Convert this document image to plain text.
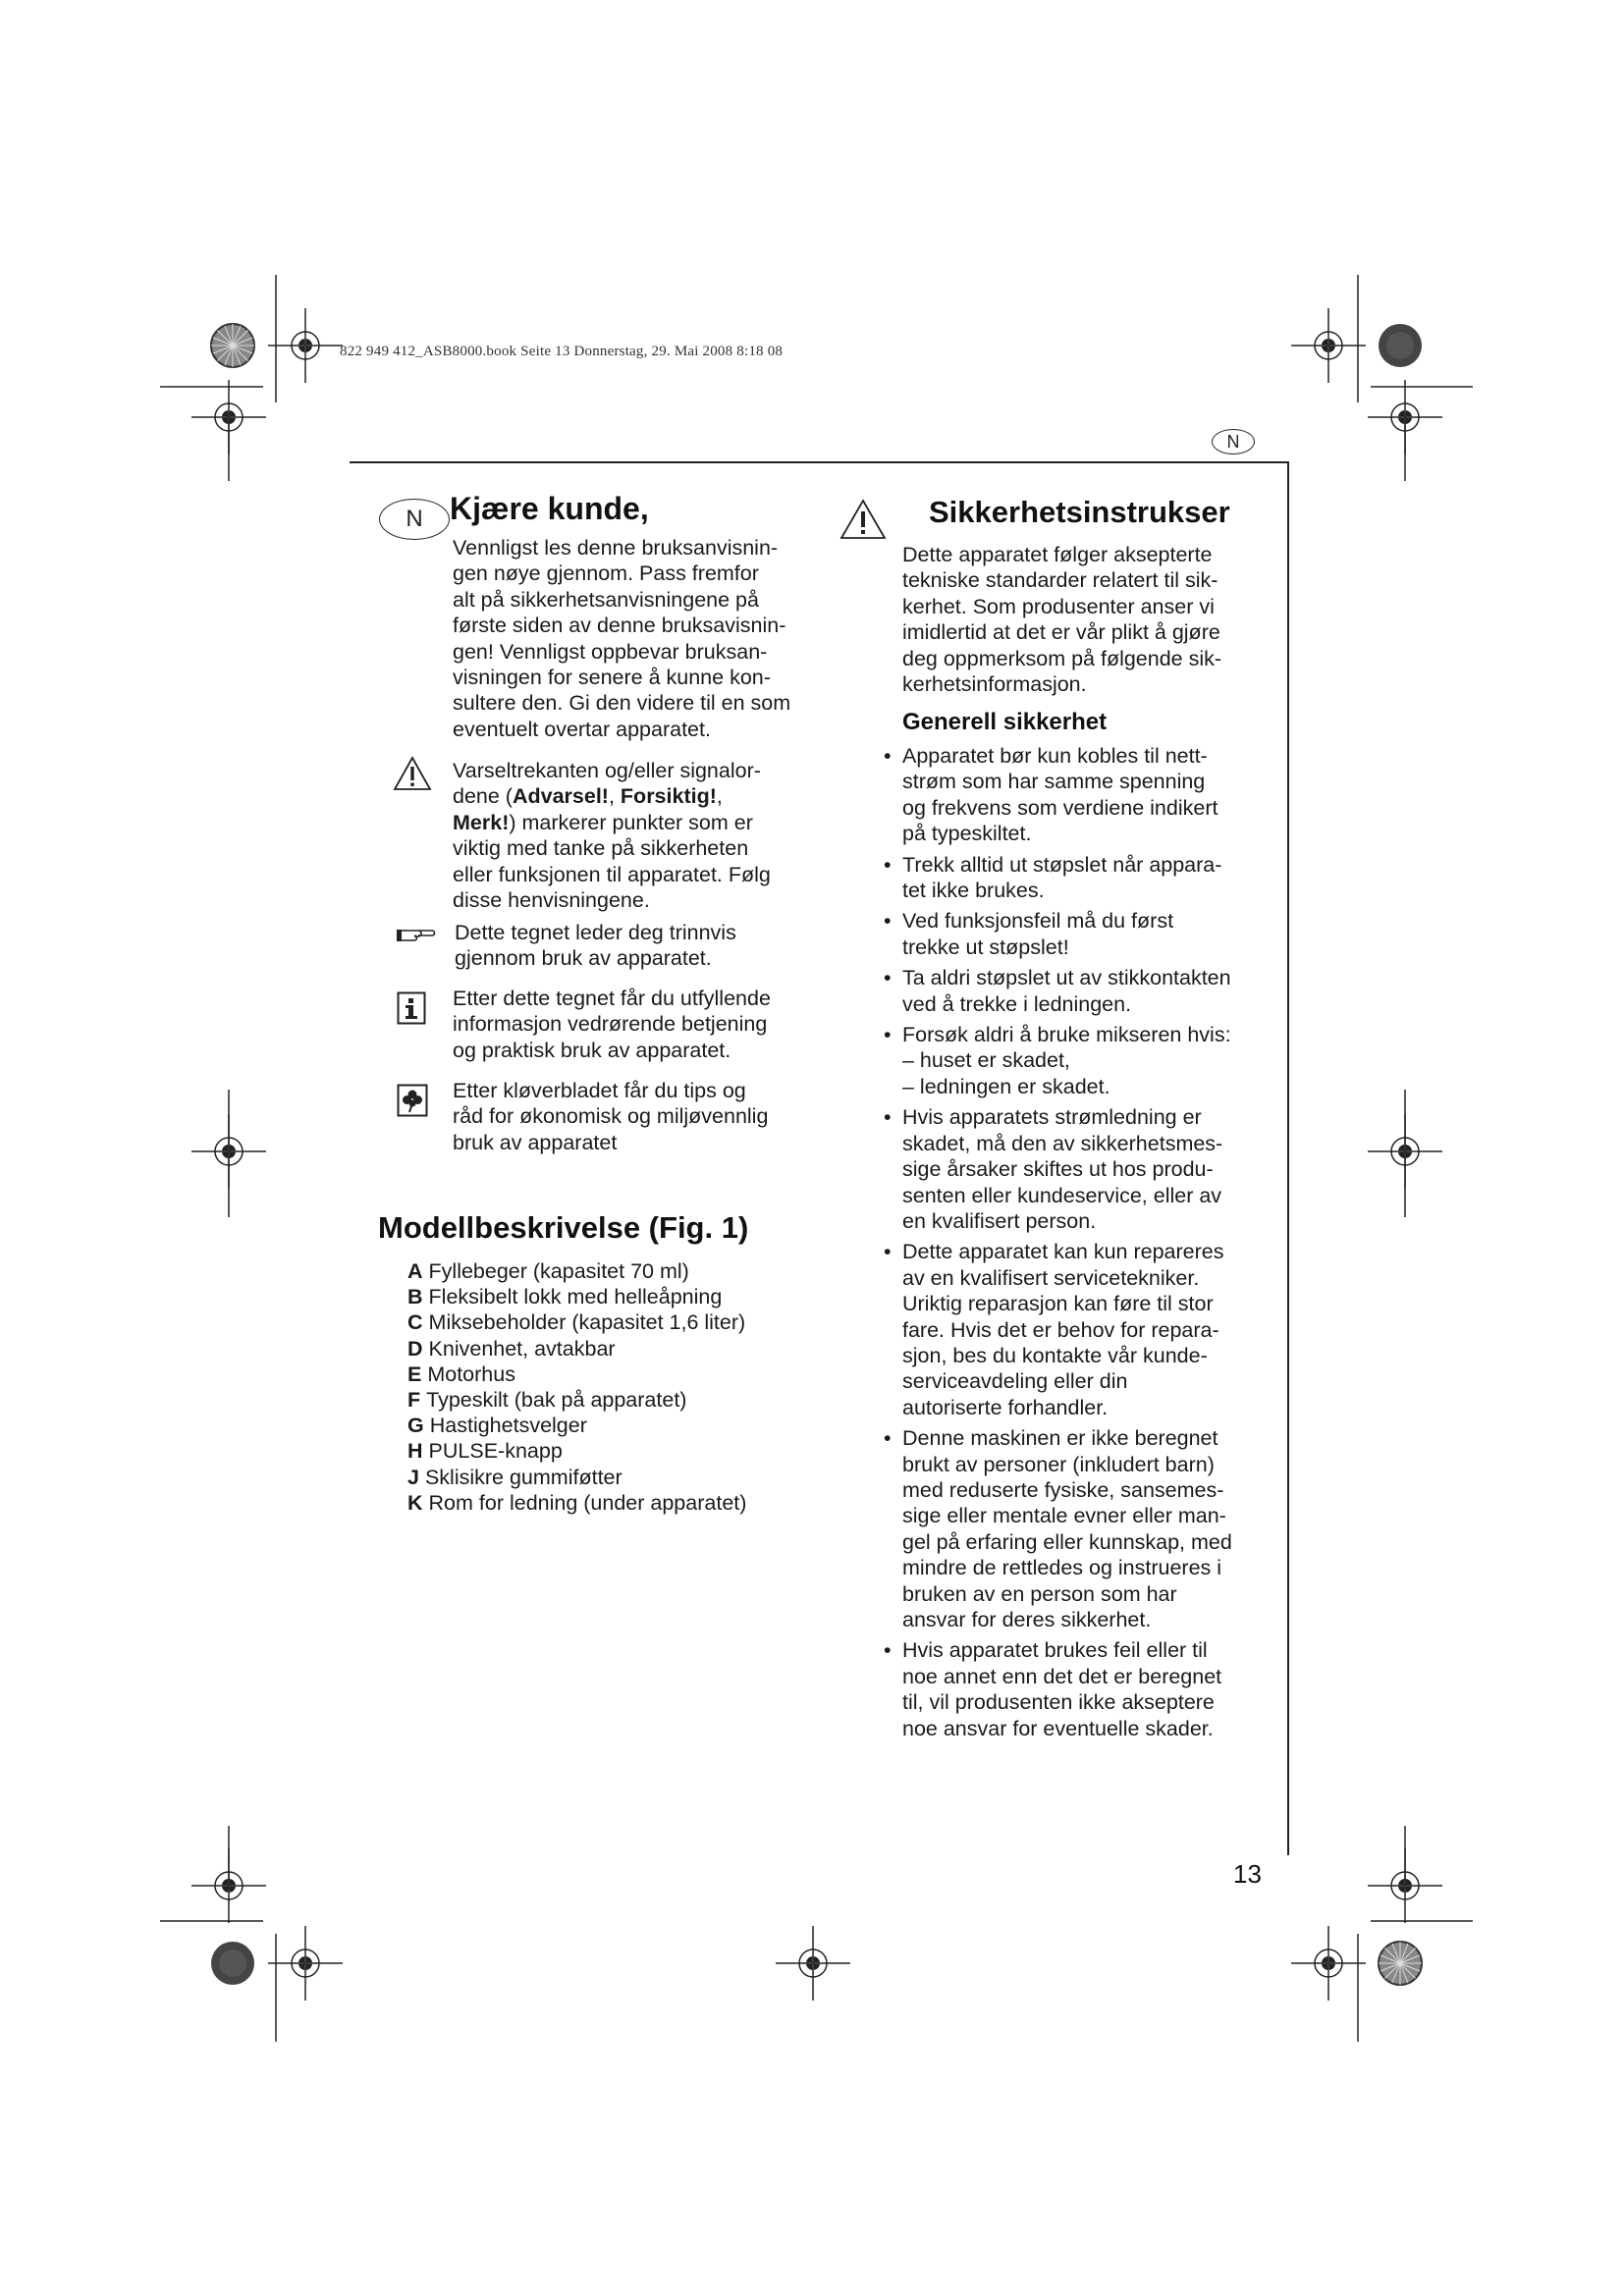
822 949 412_ASB8000.book Seite 13 Donnerstag, 29. Mai 2008 8:18 08
N
N Kjære kunde,
Vennligst les denne bruksanvisnin-
gen nøye gjennom. Pass fremfor
alt på sikkerhetsanvisningene på
første siden av denne bruksavisnin-
gen! Vennligst oppbevar bruksan-
visningen for senere å kunne kon-
sultere den. Gi den videre til en som
eventuelt overtar apparatet.
Varseltrekanten og/eller signalor-
dene (Advarsel!, Forsiktig!,
Merk!) markerer punkter som er
viktig med tanke på sikkerheten
eller funksjonen til apparatet. Følg
disse henvisningene.
Dette tegnet leder deg trinnvis
gjennom bruk av apparatet.
Etter dette tegnet får du utfyllende
informasjon vedrørende betjening
og praktisk bruk av apparatet.
Etter kløverbladet får du tips og
råd for økonomisk og miljøvennlig
bruk av apparatet
Modellbeskrivelse (Fig. 1)
A Fyllebeger (kapasitet 70 ml)
B Fleksibelt lokk med helleåpning
C Miksebeholder (kapasitet 1,6 liter)
D Knivenhet, avtakbar
E Motorhus
F Typeskilt (bak på apparatet)
G Hastighetsvelger
H PULSE-knapp
J Sklisikre gummiføtter
K Rom for ledning (under apparatet)
Sikkerhetsinstrukser
Dette apparatet følger aksepterte
tekniske standarder relatert til sik-
kerhet. Som produsenter anser vi
imidlertid at det er vår plikt å gjøre
deg oppmerksom på følgende sik-
kerhetsinformasjon.
Generell sikkerhet
• Apparatet bør kun kobles til nett-
strøm som har samme spenning
og frekvens som verdiene indikert
på typeskiltet.
• Trekk alltid ut støpslet når appara-
tet ikke brukes.
• Ved funksjonsfeil må du først
trekke ut støpslet!
• Ta aldri støpslet ut av stikkontakten
ved å trekke i ledningen.
• Forsøk aldri å bruke mikseren hvis:
– huset er skadet,
– ledningen er skadet.
• Hvis apparatets strømledning er
skadet, må den av sikkerhetsmes-
sige årsaker skiftes ut hos produ-
senten eller kundeservice, eller av
en kvalifisert person.
• Dette apparatet kan kun repareres
av en kvalifisert servicetekniker.
Uriktig reparasjon kan føre til stor
fare. Hvis det er behov for repara-
sjon, bes du kontakte vår kunde-
serviceavdeling eller din
autoriserte forhandler.
• Denne maskinen er ikke beregnet
brukt av personer (inkludert barn)
med reduserte fysiske, sansemes-
sige eller mentale evner eller man-
gel på erfaring eller kunnskap, med
mindre de rettledes og instrueres i
bruken av en person som har
ansvar for deres sikkerhet.
• Hvis apparatet brukes feil eller til
noe annet enn det det er beregnet
til, vil produsenten ikke akseptere
noe ansvar for eventuelle skader.
13
